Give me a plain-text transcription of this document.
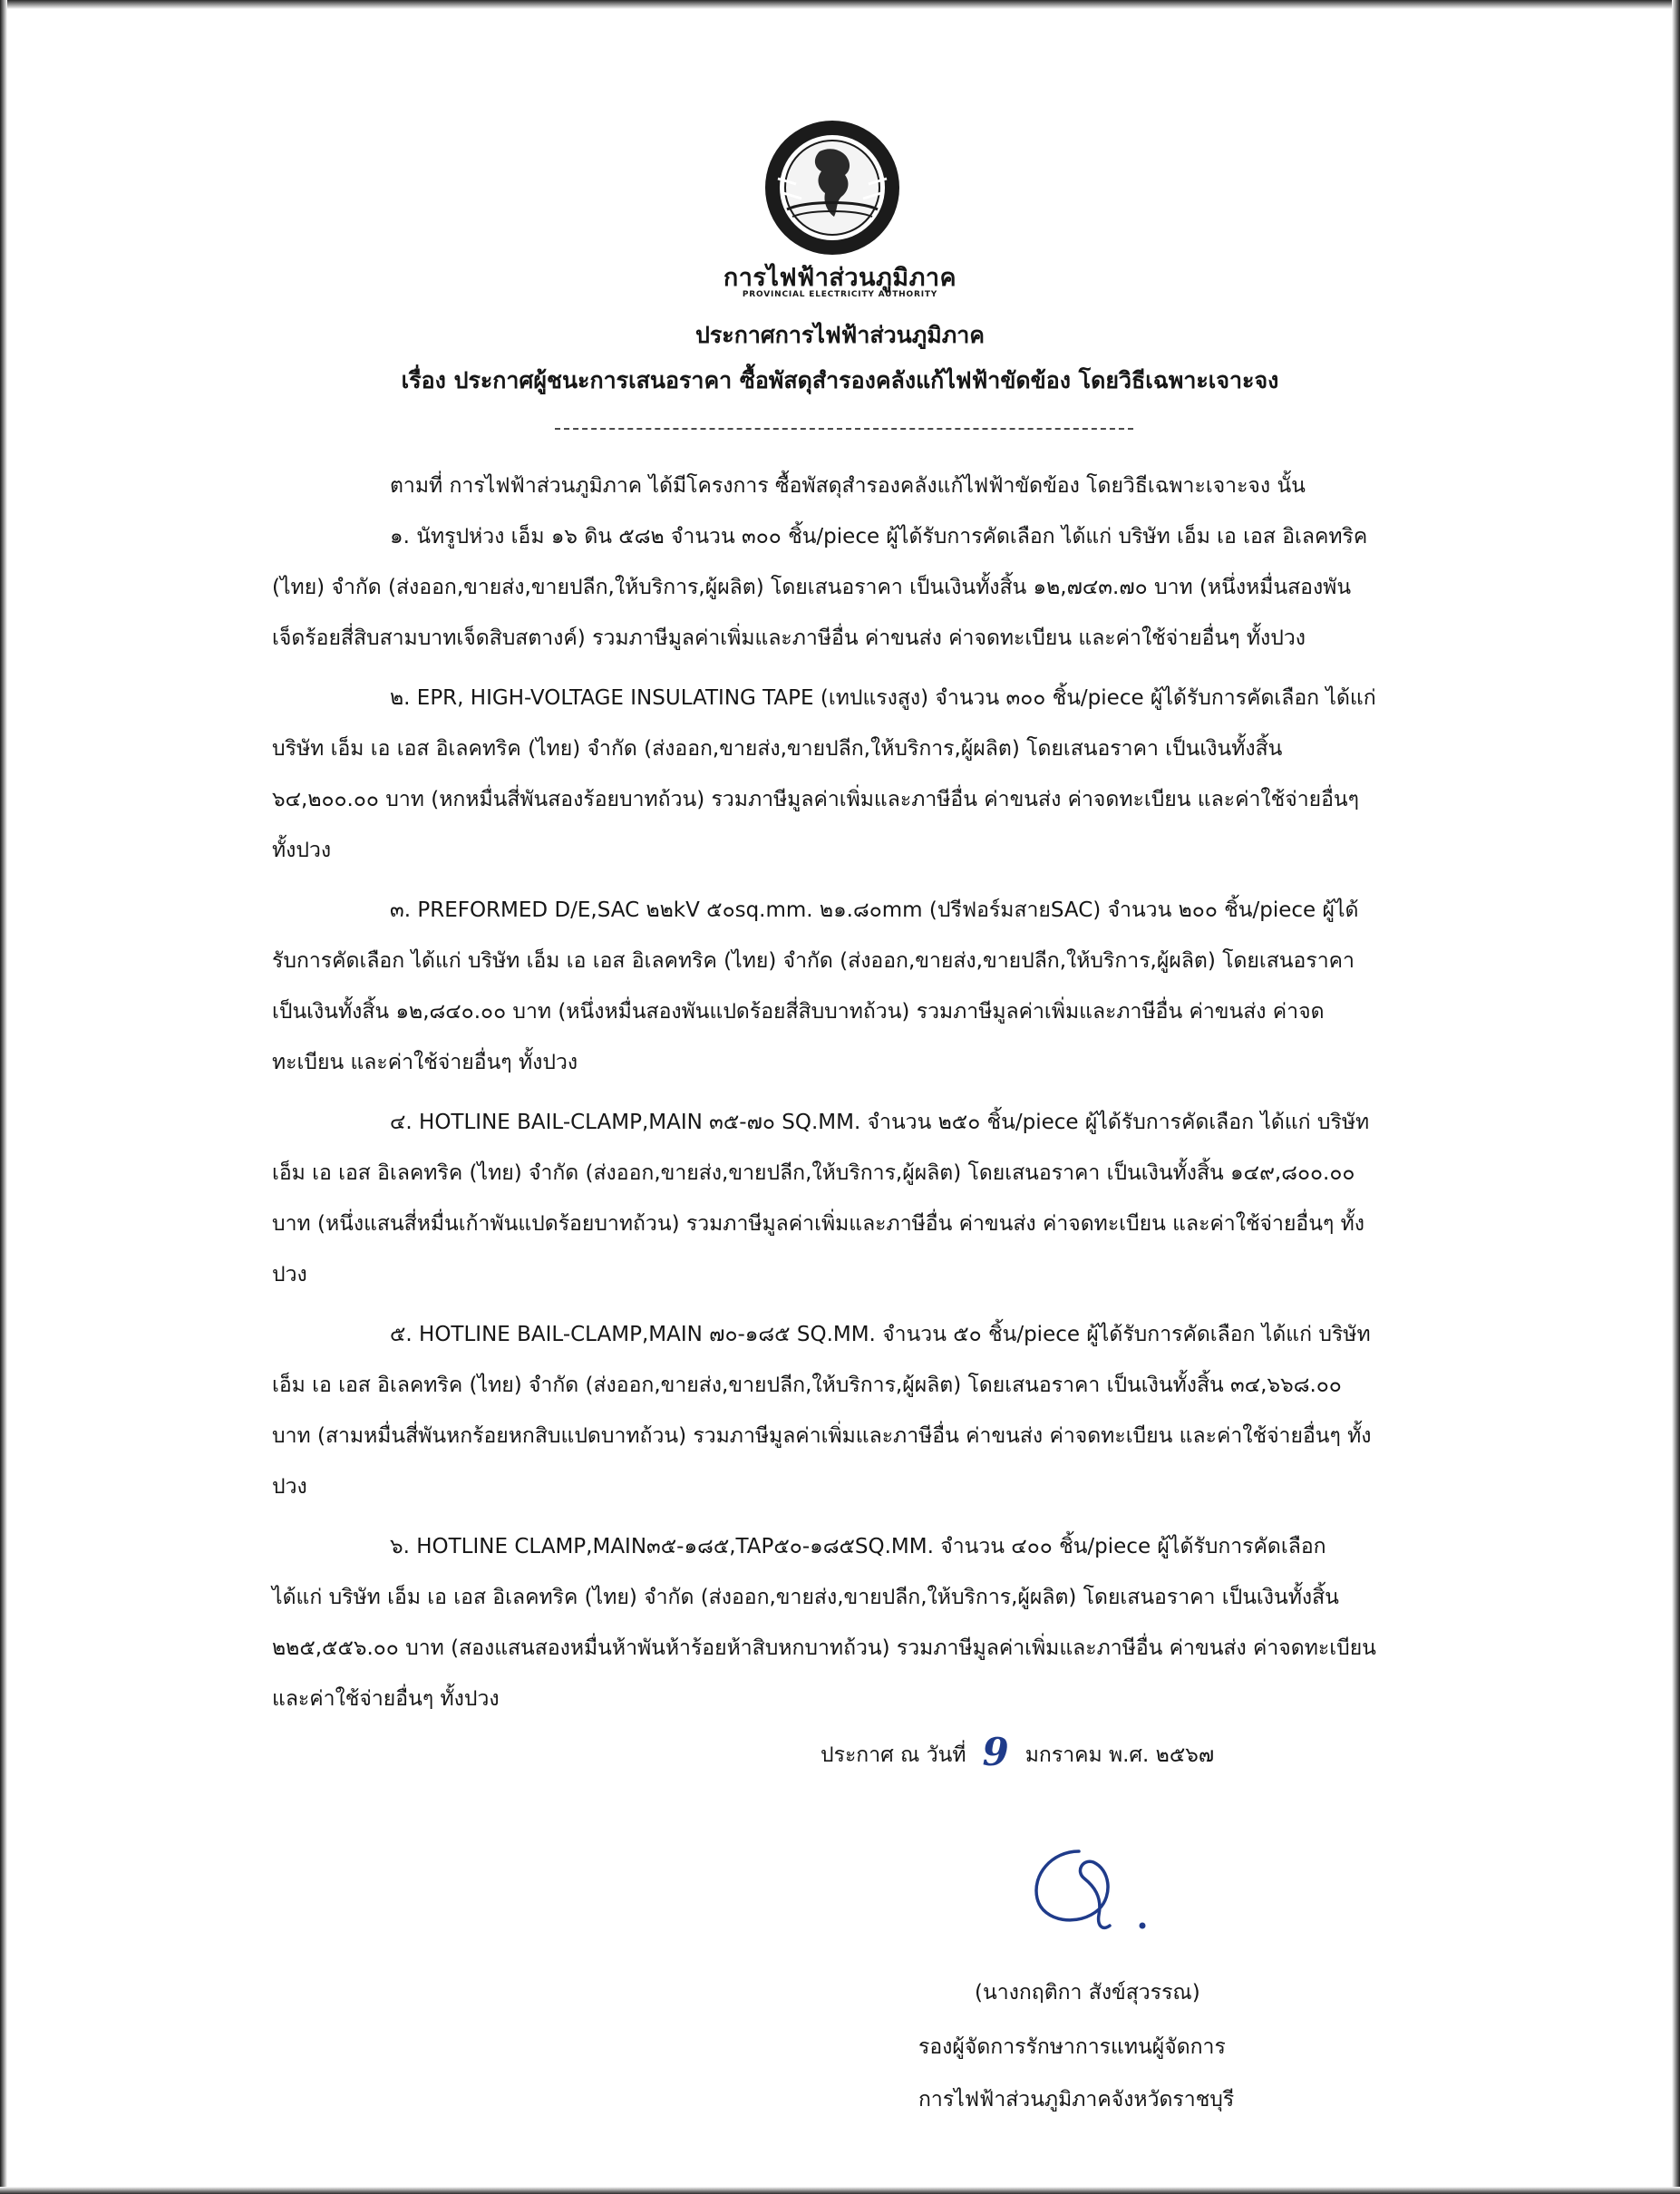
การไฟฟ้าส่วนภูมิภาค
PROVINCIAL ELECTRICITY AUTHORITY
ประกาศการไฟฟ้าส่วนภูมิภาค
เรื่อง ประกาศผู้ชนะการเสนอราคา ซื้อพัสดุสำรองคลังแก้ไฟฟ้าขัดข้อง โดยวิธีเฉพาะเจาะจง

ตามที่ การไฟฟ้าส่วนภูมิภาค ได้มีโครงการ ซื้อพัสดุสำรองคลังแก้ไฟฟ้าขัดข้อง โดยวิธีเฉพาะเจาะจง นั้น

๑. นัทรูปห่วง เอ็ม ๑๖ ดิน ๕๘๒ จำนวน ๓๐๐ ชิ้น/piece ผู้ได้รับการคัดเลือก ได้แก่ บริษัท เอ็ม เอ เอส อิเลคทริค (ไทย) จำกัด (ส่งออก,ขายส่ง,ขายปลีก,ให้บริการ,ผู้ผลิต) โดยเสนอราคา เป็นเงินทั้งสิ้น ๑๒,๗๔๓.๗๐ บาท (หนึ่งหมื่นสองพันเจ็ดร้อยสี่สิบสามบาทเจ็ดสิบสตางค์) รวมภาษีมูลค่าเพิ่มและภาษีอื่น ค่าขนส่ง ค่าจดทะเบียน และค่าใช้จ่ายอื่นๆ ทั้งปวง

๒. EPR, HIGH-VOLTAGE INSULATING TAPE (เทปแรงสูง) จำนวน ๓๐๐ ชิ้น/piece ผู้ได้รับการคัดเลือก ได้แก่ บริษัท เอ็ม เอ เอส อิเลคทริค (ไทย) จำกัด (ส่งออก,ขายส่ง,ขายปลีก,ให้บริการ,ผู้ผลิต) โดยเสนอราคา เป็นเงินทั้งสิ้น ๖๔,๒๐๐.๐๐ บาท (หกหมื่นสี่พันสองร้อยบาทถ้วน) รวมภาษีมูลค่าเพิ่มและภาษีอื่น ค่าขนส่ง ค่าจดทะเบียน และค่าใช้จ่ายอื่นๆ ทั้งปวง

๓. PREFORMED D/E,SAC ๒๒kV ๕๐sq.mm. ๒๑.๘๐mm (ปรีฟอร์มสายSAC) จำนวน ๒๐๐ ชิ้น/piece ผู้ได้รับการคัดเลือก ได้แก่ บริษัท เอ็ม เอ เอส อิเลคทริค (ไทย) จำกัด (ส่งออก,ขายส่ง,ขายปลีก,ให้บริการ,ผู้ผลิต) โดยเสนอราคา เป็นเงินทั้งสิ้น ๑๒,๘๔๐.๐๐ บาท (หนึ่งหมื่นสองพันแปดร้อยสี่สิบบาทถ้วน) รวมภาษีมูลค่าเพิ่มและภาษีอื่น ค่าขนส่ง ค่าจดทะเบียน และค่าใช้จ่ายอื่นๆ ทั้งปวง

๔. HOTLINE BAIL-CLAMP,MAIN ๓๕-๗๐ SQ.MM. จำนวน ๒๕๐ ชิ้น/piece ผู้ได้รับการคัดเลือก ได้แก่ บริษัท เอ็ม เอ เอส อิเลคทริค (ไทย) จำกัด (ส่งออก,ขายส่ง,ขายปลีก,ให้บริการ,ผู้ผลิต) โดยเสนอราคา เป็นเงินทั้งสิ้น ๑๔๙,๘๐๐.๐๐ บาท (หนึ่งแสนสี่หมื่นเก้าพันแปดร้อยบาทถ้วน) รวมภาษีมูลค่าเพิ่มและภาษีอื่น ค่าขนส่ง ค่าจดทะเบียน และค่าใช้จ่ายอื่นๆ ทั้งปวง

๕. HOTLINE BAIL-CLAMP,MAIN ๗๐-๑๘๕ SQ.MM. จำนวน ๕๐ ชิ้น/piece ผู้ได้รับการคัดเลือก ได้แก่ บริษัท เอ็ม เอ เอส อิเลคทริค (ไทย) จำกัด (ส่งออก,ขายส่ง,ขายปลีก,ให้บริการ,ผู้ผลิต) โดยเสนอราคา เป็นเงินทั้งสิ้น ๓๔,๖๖๘.๐๐ บาท (สามหมื่นสี่พันหกร้อยหกสิบแปดบาทถ้วน) รวมภาษีมูลค่าเพิ่มและภาษีอื่น ค่าขนส่ง ค่าจดทะเบียน และค่าใช้จ่ายอื่นๆ ทั้งปวง

๖. HOTLINE CLAMP,MAIN๓๕-๑๘๕,TAP๕๐-๑๘๕SQ.MM. จำนวน ๔๐๐ ชิ้น/piece ผู้ได้รับการคัดเลือก ได้แก่ บริษัท เอ็ม เอ เอส อิเลคทริค (ไทย) จำกัด (ส่งออก,ขายส่ง,ขายปลีก,ให้บริการ,ผู้ผลิต) โดยเสนอราคา เป็นเงินทั้งสิ้น ๒๒๕,๕๕๖.๐๐ บาท (สองแสนสองหมื่นห้าพันห้าร้อยห้าสิบหกบาทถ้วน) รวมภาษีมูลค่าเพิ่มและภาษีอื่น ค่าขนส่ง ค่าจดทะเบียน และค่าใช้จ่ายอื่นๆ ทั้งปวง

ประกาศ ณ วันที่ 9 มกราคม พ.ศ. ๒๕๖๗
(นางกฤติกา สังข์สุวรรณ)
รองผู้จัดการรักษาการแทนผู้จัดการ
การไฟฟ้าส่วนภูมิภาคจังหวัดราชบุรี
